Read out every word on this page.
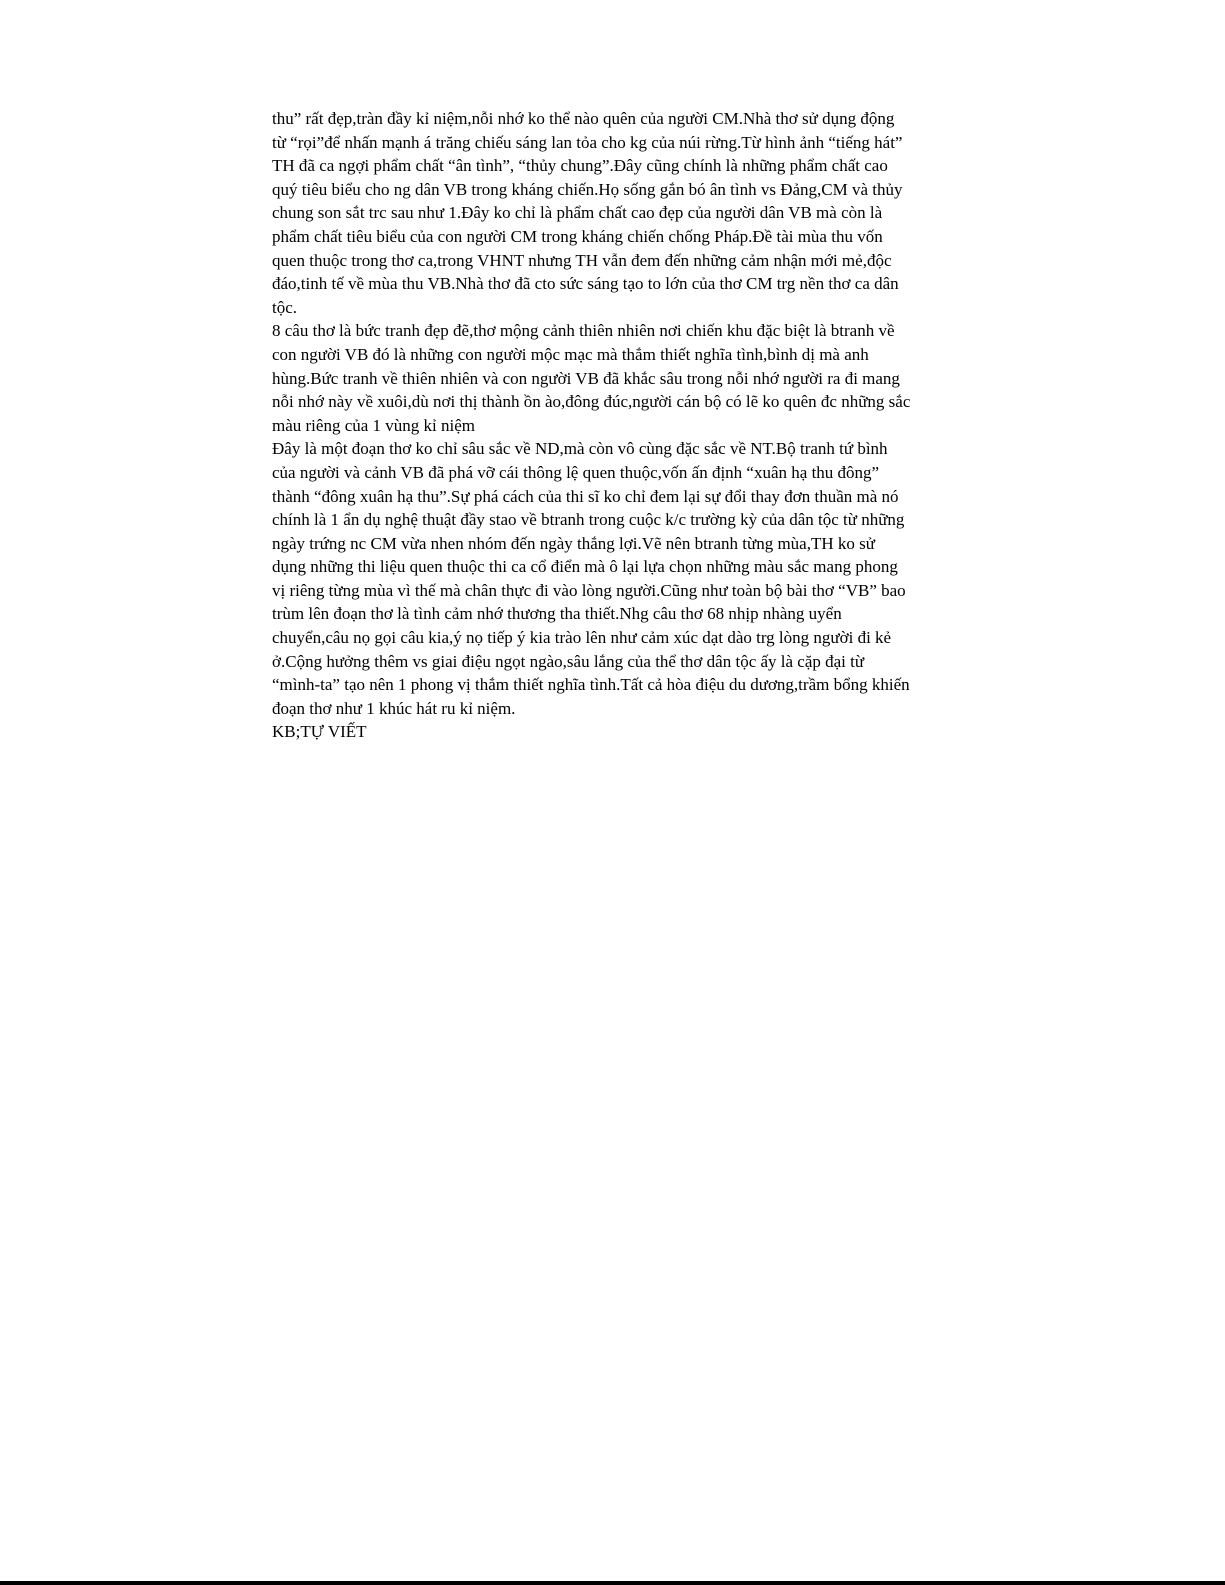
thu” rất đẹp,tràn đầy kỉ niệm,nỗi nhớ ko thể nào quên của người CM.Nhà thơ sử dụng động
từ “rọi”để nhấn mạnh á trăng chiếu sáng lan tỏa cho kg của núi rừng.Từ hình ảnh “tiếng hát”
TH đã ca ngợi phẩm chất “ân tình”, “thủy chung”.Đây cũng chính là những phẩm chất cao
quý tiêu biểu cho ng dân VB trong kháng chiến.Họ sống gắn bó ân tình vs Đảng,CM và thủy
chung son sắt trc sau như 1.Đây ko chỉ là phẩm chất cao đẹp của người dân VB mà còn là
phẩm chất tiêu biểu của con người CM trong kháng chiến chống Pháp.Đề tài mùa thu vốn
quen thuộc trong thơ ca,trong VHNT nhưng TH vẫn đem đến những cảm nhận mới mẻ,độc
đáo,tinh tế về mùa thu VB.Nhà thơ đã cto sức sáng tạo to lớn của thơ CM trg nền thơ ca dân
tộc.
8 câu thơ là bức tranh đẹp đẽ,thơ mộng cảnh thiên nhiên nơi chiến khu đặc biệt là btranh về
con người VB đó là những con người mộc mạc mà thắm thiết nghĩa tình,bình dị mà anh
hùng.Bức tranh về thiên nhiên và con người VB đã khắc sâu trong nỗi nhớ người ra đi mang
nỗi nhớ này về xuôi,dù nơi thị thành ồn ào,đông đúc,người cán bộ có lẽ ko quên đc những sắc
màu riêng của 1 vùng kỉ niệm
Đây là một đoạn thơ ko chỉ sâu sắc về ND,mà còn vô cùng đặc sắc về NT.Bộ tranh tứ bình
của người và cảnh VB đã phá vỡ cái thông lệ quen thuộc,vốn ấn định “xuân hạ thu đông”
thành “đông xuân hạ thu”.Sự phá cách của thi sĩ ko chỉ đem lại sự đổi thay đơn thuần mà nó
chính là 1 ẩn dụ nghệ thuật đầy stao về btranh trong cuộc k/c trường kỳ của dân tộc từ những
ngày trứng nc CM vừa nhen nhóm đến ngày thắng lợi.Vẽ nên btranh từng mùa,TH ko sử
dụng những thi liệu quen thuộc thi ca cổ điển mà ô lại lựa chọn những màu sắc mang phong
vị riêng từng mùa vì thế mà chân thực đi vào lòng người.Cũng như toàn bộ bài thơ “VB” bao
trùm lên đoạn thơ là tình cảm nhớ thương tha thiết.Nhg câu thơ 68 nhịp nhàng uyển
chuyển,câu nọ gọi câu kia,ý nọ tiếp ý kia trào lên như cảm xúc dạt dào trg lòng người đi kẻ
ở.Cộng hưởng thêm vs giai điệu ngọt ngào,sâu lắng của thể thơ dân tộc ấy là cặp đại từ
“mình-ta” tạo nên 1 phong vị thắm thiết nghĩa tình.Tất cả hòa điệu du dương,trầm bổng khiến
đoạn thơ như 1 khúc hát ru kỉ niệm.
KB;TỰ VIẾT
